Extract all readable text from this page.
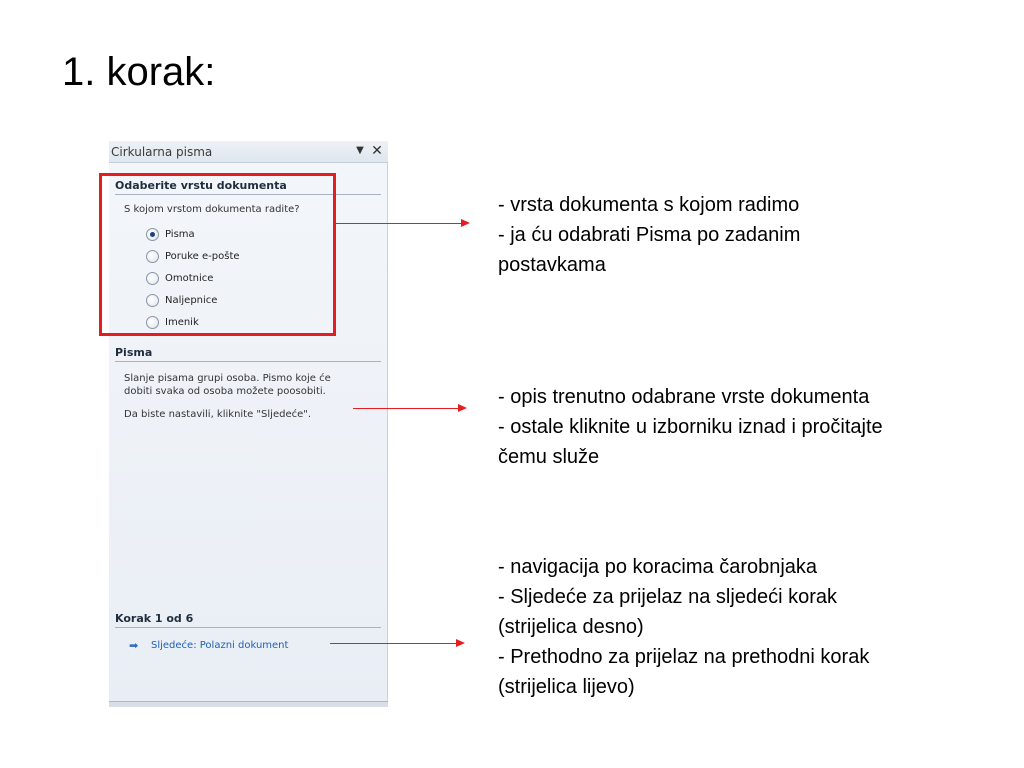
1. korak:
Cirkularna pisma	▼ ✕
Odaberite vrstu dokumenta
S kojom vrstom dokumenta radite?
Pisma
Poruke e-pošte
Omotnice
Naljepnice
Imenik
Pisma
Slanje pisama grupi osoba. Pismo koje će
dobiti svaka od osoba možete poosobiti.
Da biste nastavili, kliknite "Sljedeće".
Korak 1 od 6
➡	Sljedeće: Polazni dokument
- vrsta dokumenta s kojom radimo
- ja ću odabrati Pisma po zadanim
postavkama
- opis trenutno odabrane vrste dokumenta
- ostale kliknite u izborniku iznad i pročitajte
čemu služe
- navigacija po koracima čarobnjaka
- Sljedeće za prijelaz na sljedeći korak
(strijelica desno)
- Prethodno za prijelaz na prethodni korak
(strijelica lijevo)
